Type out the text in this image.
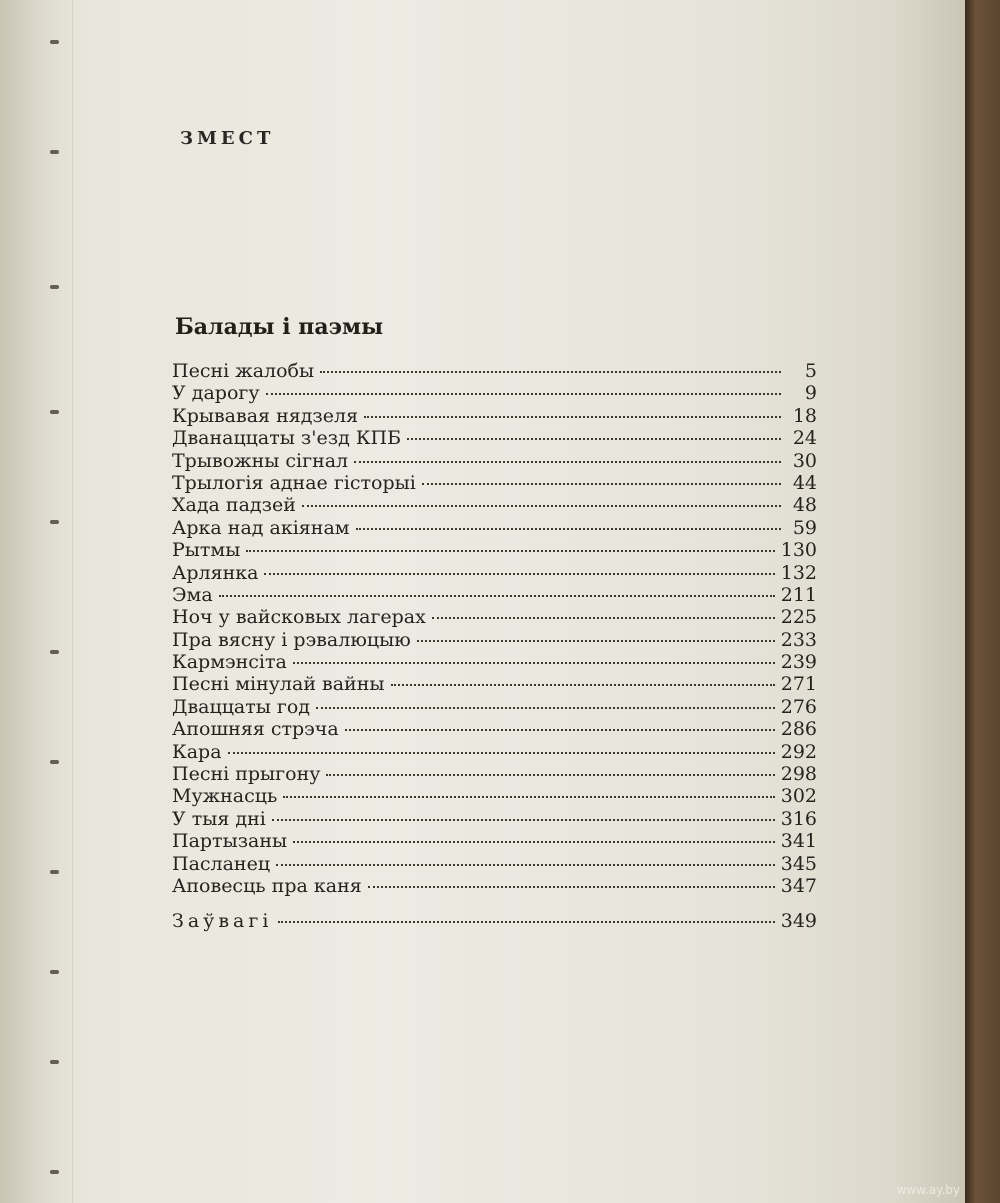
ЗМЕСТ
Балады і паэмы
Песні жалобы	5
У дарогу	9
Крывавая нядзеля	18
Дванаццаты з'езд КПБ	24
Трывожны сігнал	30
Трылогія аднае гісторыі	44
Хада падзей	48
Арка над акіянам	59
Рытмы	130
Арлянка	132
Эма	211
Ноч у вайсковых лагерах	225
Пра вясну і рэвалюцыю	233
Кармэнсіта	239
Песні мінулай вайны	271
Дваццаты год	276
Апошняя стрэча	286
Кара	292
Песні прыгону	298
Мужнасць	302
У тыя дні	316
Партызаны	341
Пасланец	345
Аповесць пра каня	347
Заўвагі	349
www.ay.by
